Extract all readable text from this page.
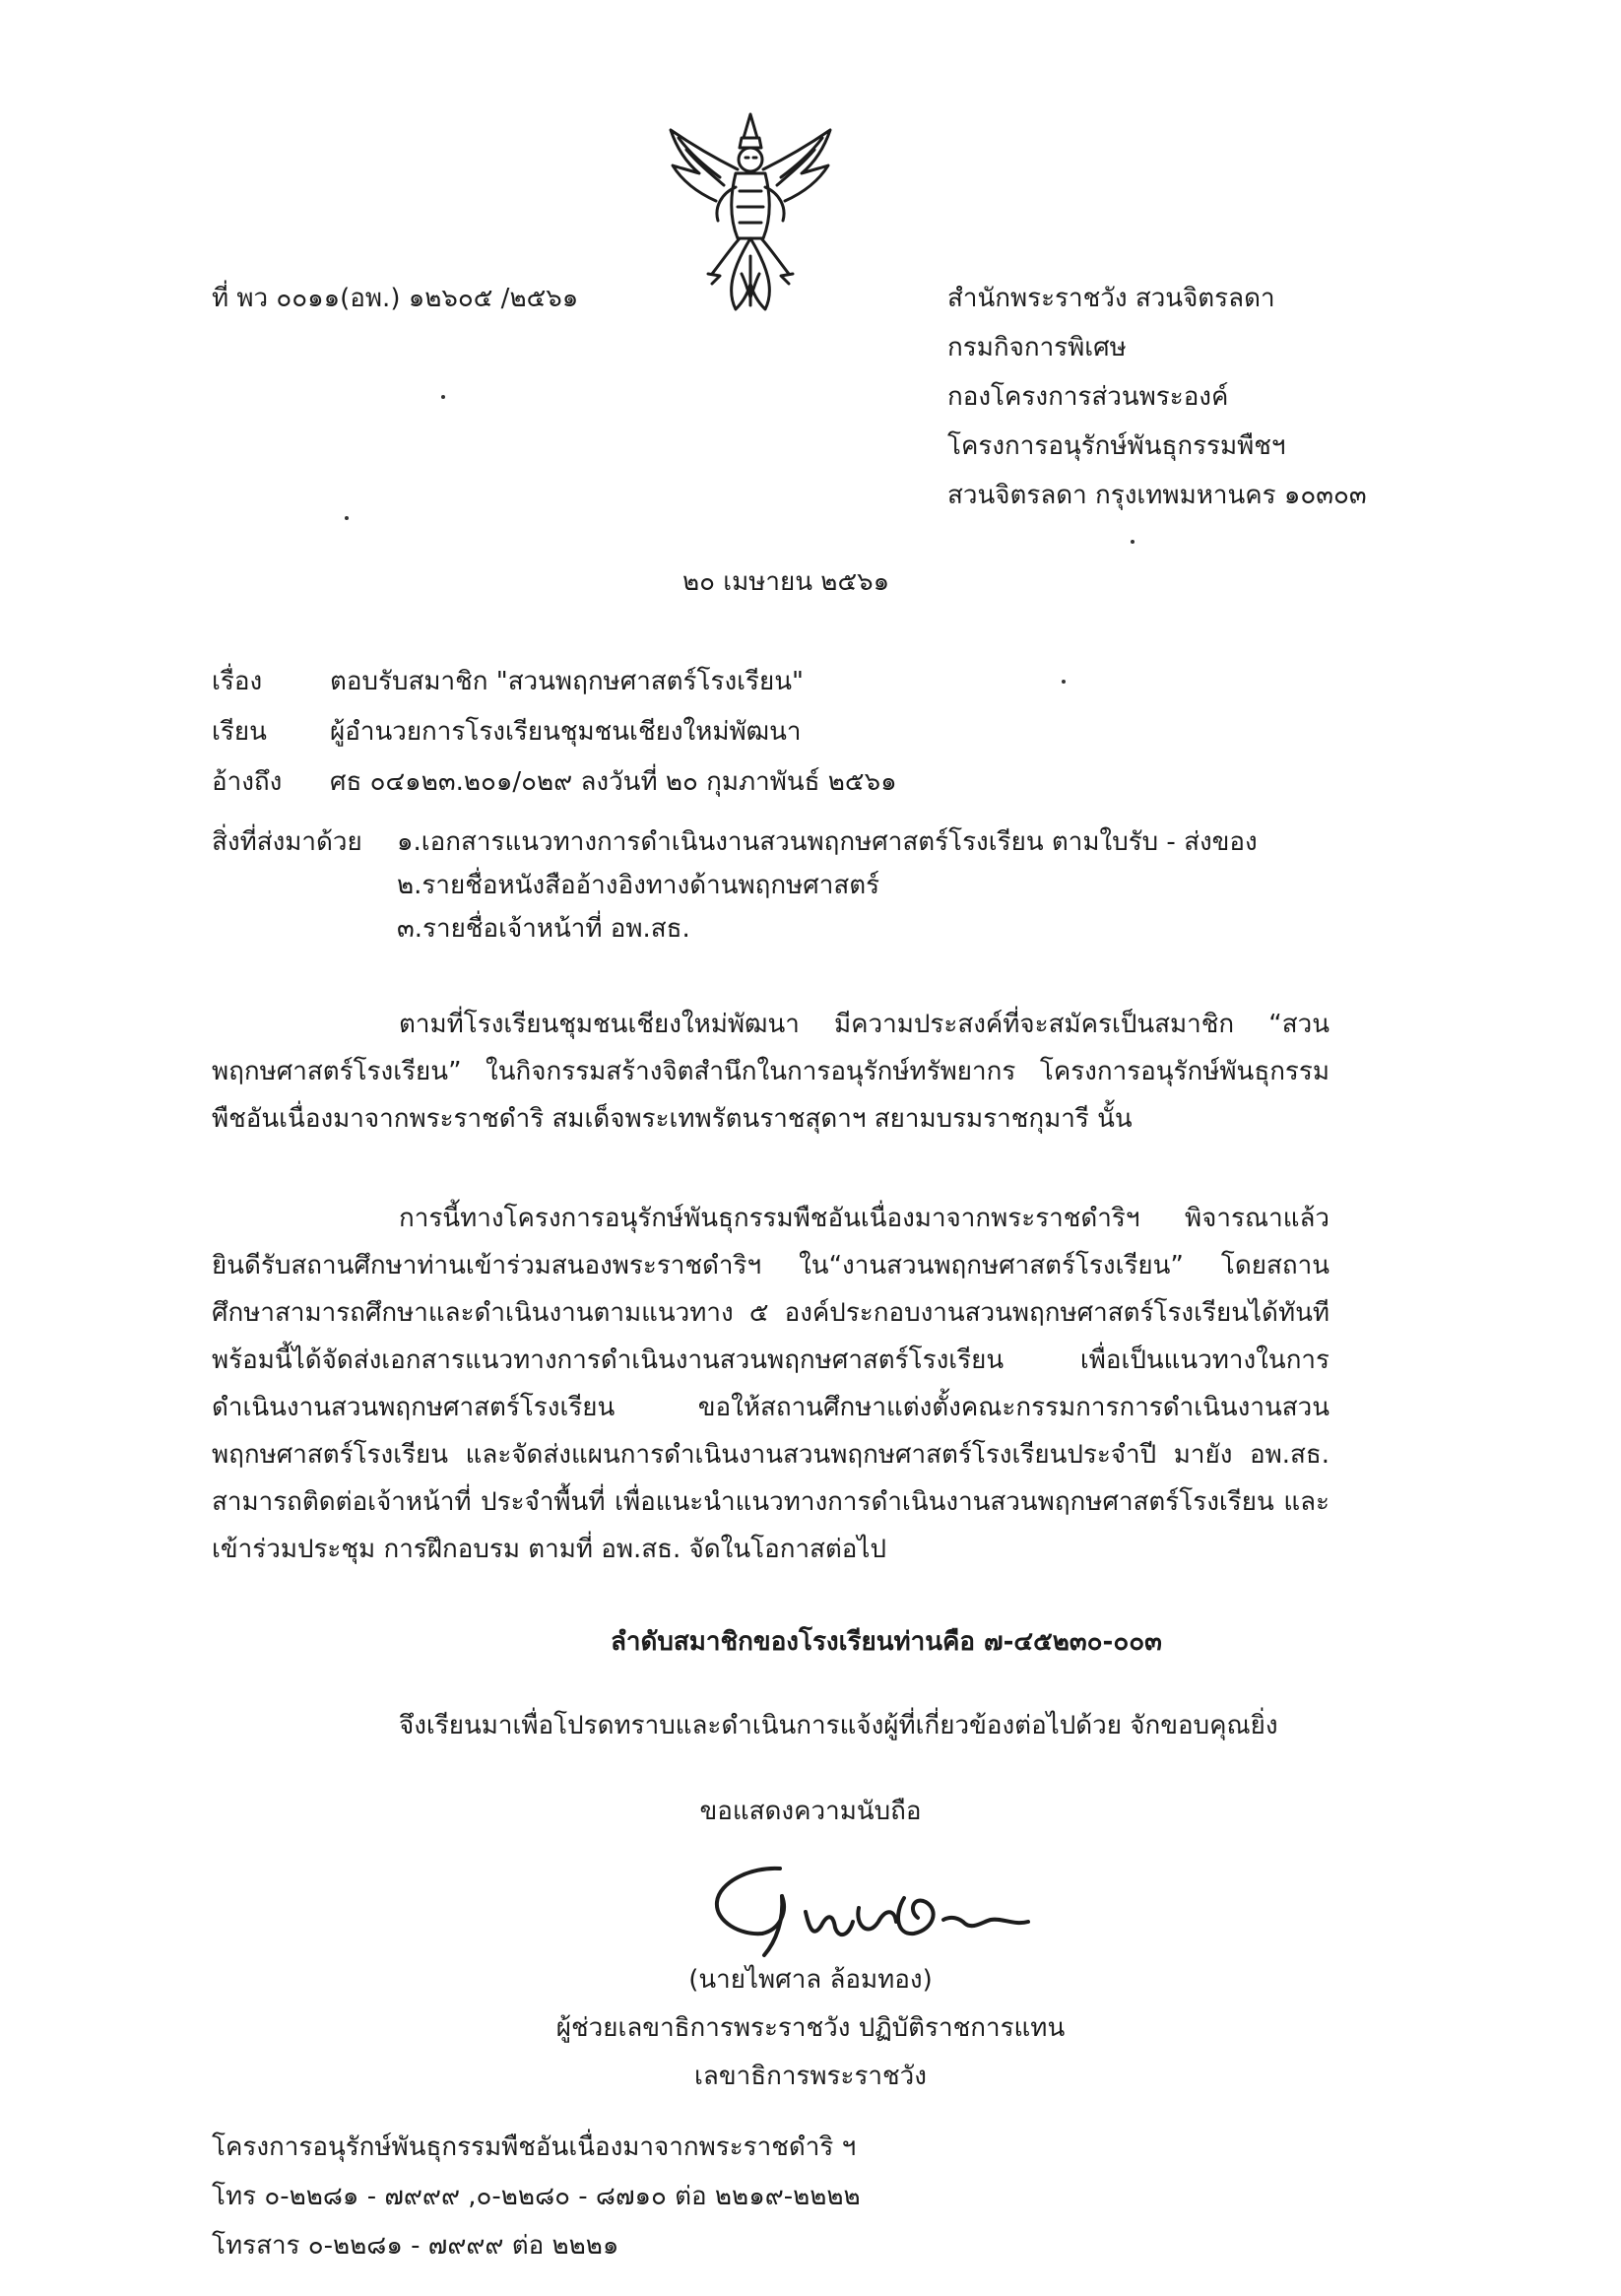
ที่ พว ๐๐๑๑(อพ.) ๑๒๖๐๕ /๒๕๖๑	สำนักพระราชวัง สวนจิตรลดา
กรมกิจการพิเศษ
กองโครงการส่วนพระองค์
โครงการอนุรักษ์พันธุกรรมพืชฯ
สวนจิตรลดา กรุงเทพมหานคร ๑๐๓๐๓
๒๐ เมษายน ๒๕๖๑
เรื่อง	ตอบรับสมาชิก "สวนพฤกษศาสตร์โรงเรียน"
เรียน ผู้อำนวยการโรงเรียนชุมชนเชียงใหม่พัฒนา
อ้างถึง ศธ ๐๔๑๒๓.๒๐๑/๐๒๙ ลงวันที่ ๒๐ กุมภาพันธ์ ๒๕๖๑
สิ่งที่ส่งมาด้วย ๑.เอกสารแนวทางการดำเนินงานสวนพฤกษศาสตร์โรงเรียน ตามใบรับ - ส่งของ
๒.รายชื่อหนังสืออ้างอิงทางด้านพฤกษศาสตร์
๓.รายชื่อเจ้าหน้าที่ อพ.สธ.
ตามที่โรงเรียนชุมชนเชียงใหม่พัฒนา มีความประสงค์ที่จะสมัครเป็นสมาชิก “สวนพฤกษศาสตร์โรงเรียน” ในกิจกรรมสร้างจิตสำนึกในการอนุรักษ์ทรัพยากร โครงการอนุรักษ์พันธุกรรมพืชอันเนื่องมาจากพระราชดำริ สมเด็จพระเทพรัตนราชสุดาฯ สยามบรมราชกุมารี นั้น
การนี้ทางโครงการอนุรักษ์พันธุกรรมพืชอันเนื่องมาจากพระราชดำริฯ พิจารณาแล้ว ยินดีรับสถานศึกษาท่านเข้าร่วมสนองพระราชดำริฯ ใน“งานสวนพฤกษศาสตร์โรงเรียน” โดยสถานศึกษาสามารถศึกษาและดำเนินงานตามแนวทาง ๕ องค์ประกอบงานสวนพฤกษศาสตร์โรงเรียนได้ทันที พร้อมนี้ได้จัดส่งเอกสารแนวทางการดำเนินงานสวนพฤกษศาสตร์โรงเรียน เพื่อเป็นแนวทางในการดำเนินงานสวนพฤกษศาสตร์โรงเรียน ขอให้สถานศึกษาแต่งตั้งคณะกรรมการการดำเนินงานสวนพฤกษศาสตร์โรงเรียน และจัดส่งแผนการดำเนินงานสวนพฤกษศาสตร์โรงเรียนประจำปี มายัง อพ.สธ. สามารถติดต่อเจ้าหน้าที่ ประจำพื้นที่ เพื่อแนะนำแนวทางการดำเนินงานสวนพฤกษศาสตร์โรงเรียน และเข้าร่วมประชุม การฝึกอบรม ตามที่ อพ.สธ. จัดในโอกาสต่อไป
ลำดับสมาชิกของโรงเรียนท่านคือ ๗-๔๕๒๓๐-๐๐๓
จึงเรียนมาเพื่อโปรดทราบและดำเนินการแจ้งผู้ที่เกี่ยวข้องต่อไปด้วย จักขอบคุณยิ่ง
ขอแสดงความนับถือ
(นายไพศาล ล้อมทอง)
ผู้ช่วยเลขาธิการพระราชวัง ปฏิบัติราชการแทน
เลขาธิการพระราชวัง
โครงการอนุรักษ์พันธุกรรมพืชอันเนื่องมาจากพระราชดำริ ฯ
โทร ๐-๒๒๘๑ - ๗๙๙๙ ,๐-๒๒๘๐ - ๘๗๑๐ ต่อ ๒๒๑๙-๒๒๒๒
โทรสาร ๐-๒๒๘๑ - ๗๙๙๙ ต่อ ๒๒๒๑
